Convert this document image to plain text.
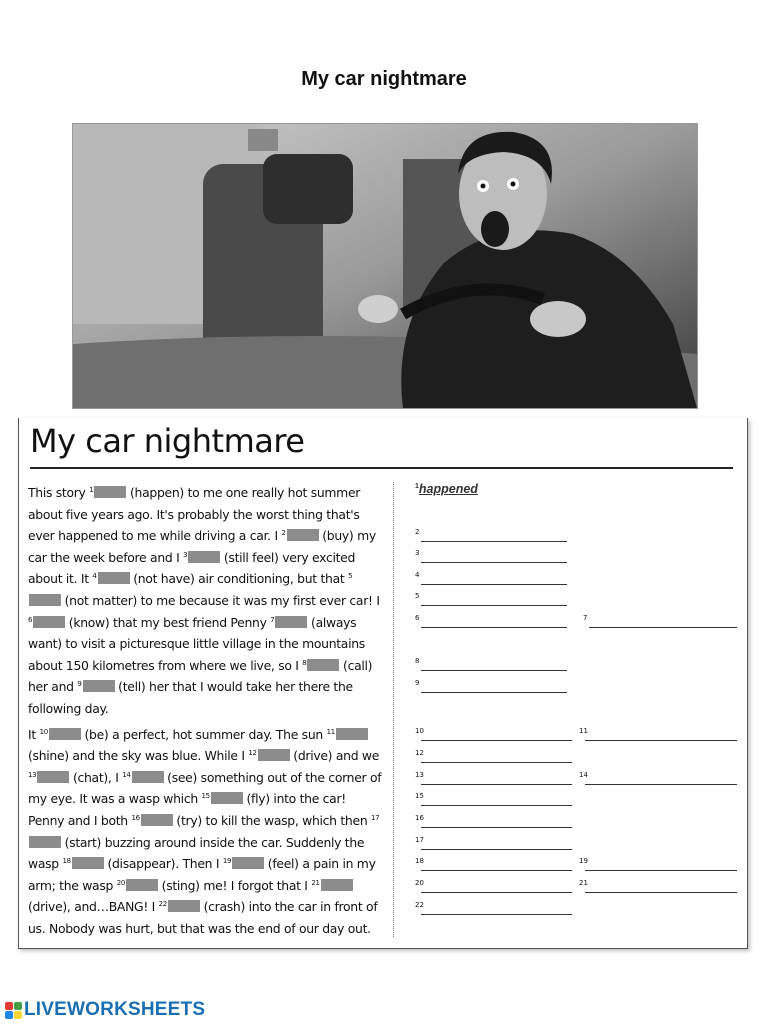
My car nightmare
My car nightmare

This story $^1$	(happen) to me one really hot summer about five years ago. It's probably the worst thing that's ever happened to me while driving a car. I $^2$	(buy) my car the week before and I $^3$	(still feel) very excited about it. It $^4$	(not have) air conditioning, but that $^5$ (not matter) to me because it was my first ever car! I $^6$	(know) that my best friend Penny $^7$	(always want) to visit a picturesque little village in the mountains about 150 kilometres from where we live, so I $^8$	(call) her and $^9$	(tell) her that I would take her there the following day.

It $^{10}$	(be) a perfect, hot summer day. The sun $^{11}$ (shine) and the sky was blue. While I $^{12}$	(drive) and we $^{13}$	(chat), I $^{14}$	(see) something out of the corner of my eye. It was a wasp which $^{15}$	(fly) into the car! Penny and I both $^{16}$	(try) to kill the wasp, which then $^{17}$ (start) buzzing around inside the car. Suddenly the wasp $^{18}$	(disappear). Then I $^{19}$	(feel) a pain in my arm; the wasp $^{20}$	(sting) me! I forgot that I $^{21}$ (drive), and…BANG! I $^{22}$	(crash) into the car in front of us. Nobody was hurt, but that was the end of our day out.

$^1$happened
2
3
4
5
6	7
8
9
10	11
12
13	14
15
16
17
18	19
20	21
22
LIVEWORKSHEETS
